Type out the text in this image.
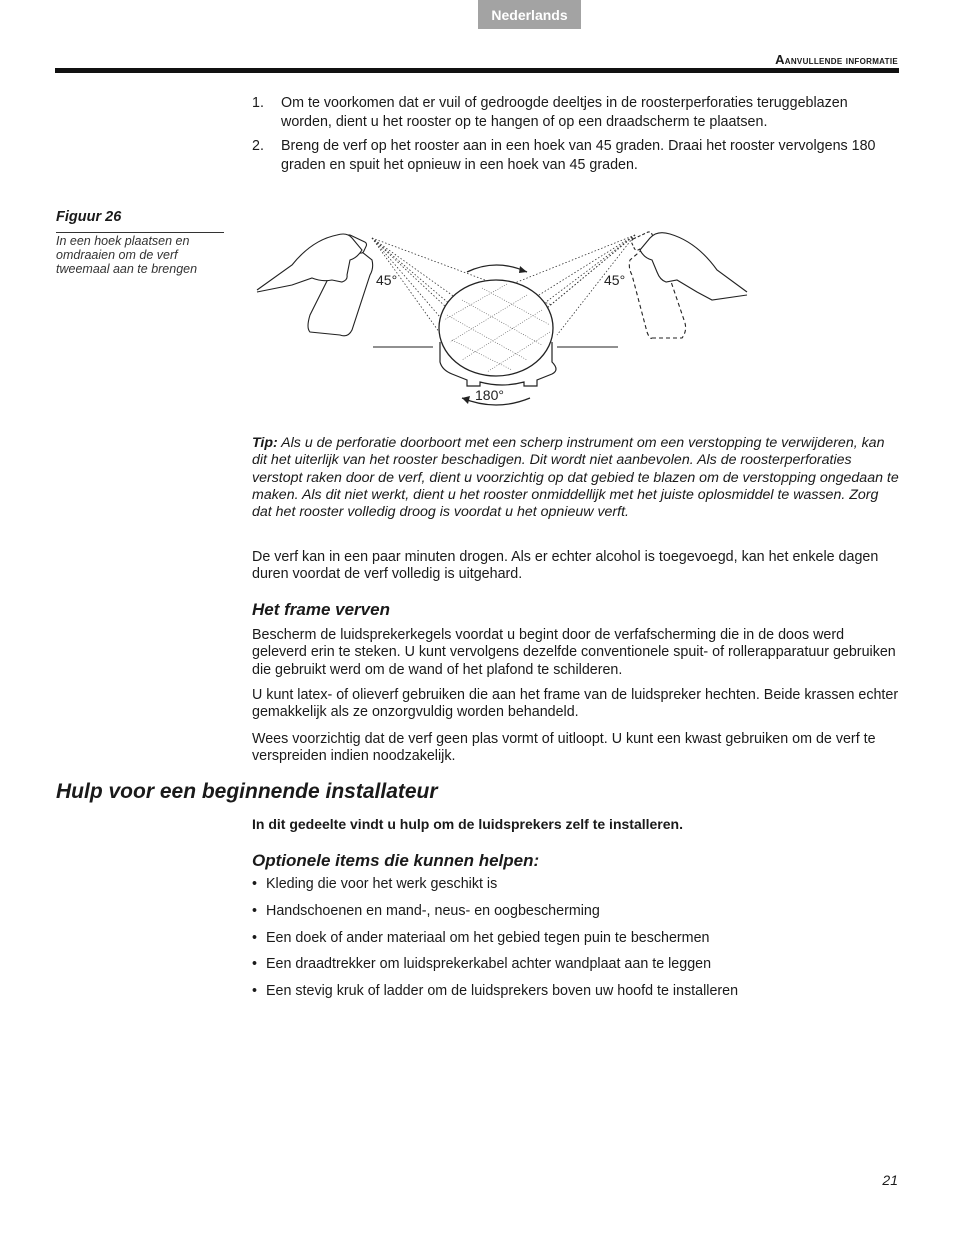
Nederlands
Aanvullende informatie
1. Om te voorkomen dat er vuil of gedroogde deeltjes in de roosterperforaties teruggeblazen worden, dient u het rooster op te hangen of op een draadscherm te plaatsen.
2. Breng de verf op het rooster aan in een hoek van 45 graden. Draai het rooster vervolgens 180 graden en spuit het opnieuw in een hoek van 45 graden.
Figuur 26
In een hoek plaatsen en omdraaien om de verf tweemaal aan te brengen
45°	45°
180°

Tip: Als u de perforatie doorboort met een scherp instrument om een verstopping te verwijderen, kan dit het uiterlijk van het rooster beschadigen. Dit wordt niet aanbevolen. Als de roosterperforaties verstopt raken door de verf, dient u voorzichtig op dat gebied te blazen om de verstopping ongedaan te maken. Als dit niet werkt, dient u het rooster onmiddellijk met het juiste oplosmiddel te wassen. Zorg dat het rooster volledig droog is voordat u het opnieuw verft.

De verf kan in een paar minuten drogen. Als er echter alcohol is toegevoegd, kan het enkele dagen duren voordat de verf volledig is uitgehard.

Het frame verven

Bescherm de luidsprekerkegels voordat u begint door de verfafscherming die in de doos werd geleverd erin te steken. U kunt vervolgens dezelfde conventionele spuit- of rollerapparatuur gebruiken die gebruikt werd om de wand of het plafond te schilderen.

U kunt latex- of olieverf gebruiken die aan het frame van de luidspreker hechten. Beide krassen echter gemakkelijk als ze onzorgvuldig worden behandeld.

Wees voorzichtig dat de verf geen plas vormt of uitloopt. U kunt een kwast gebruiken om de verf te verspreiden indien noodzakelijk.

Hulp voor een beginnende installateur
In dit gedeelte vindt u hulp om de luidsprekers zelf te installeren.
Optionele items die kunnen helpen:
• Kleding die voor het werk geschikt is
• Handschoenen en mand-, neus- en oogbescherming
• Een doek of ander materiaal om het gebied tegen puin te beschermen
• Een draadtrekker om luidsprekerkabel achter wandplaat aan te leggen
• Een stevig kruk of ladder om de luidsprekers boven uw hoofd te installeren
21
